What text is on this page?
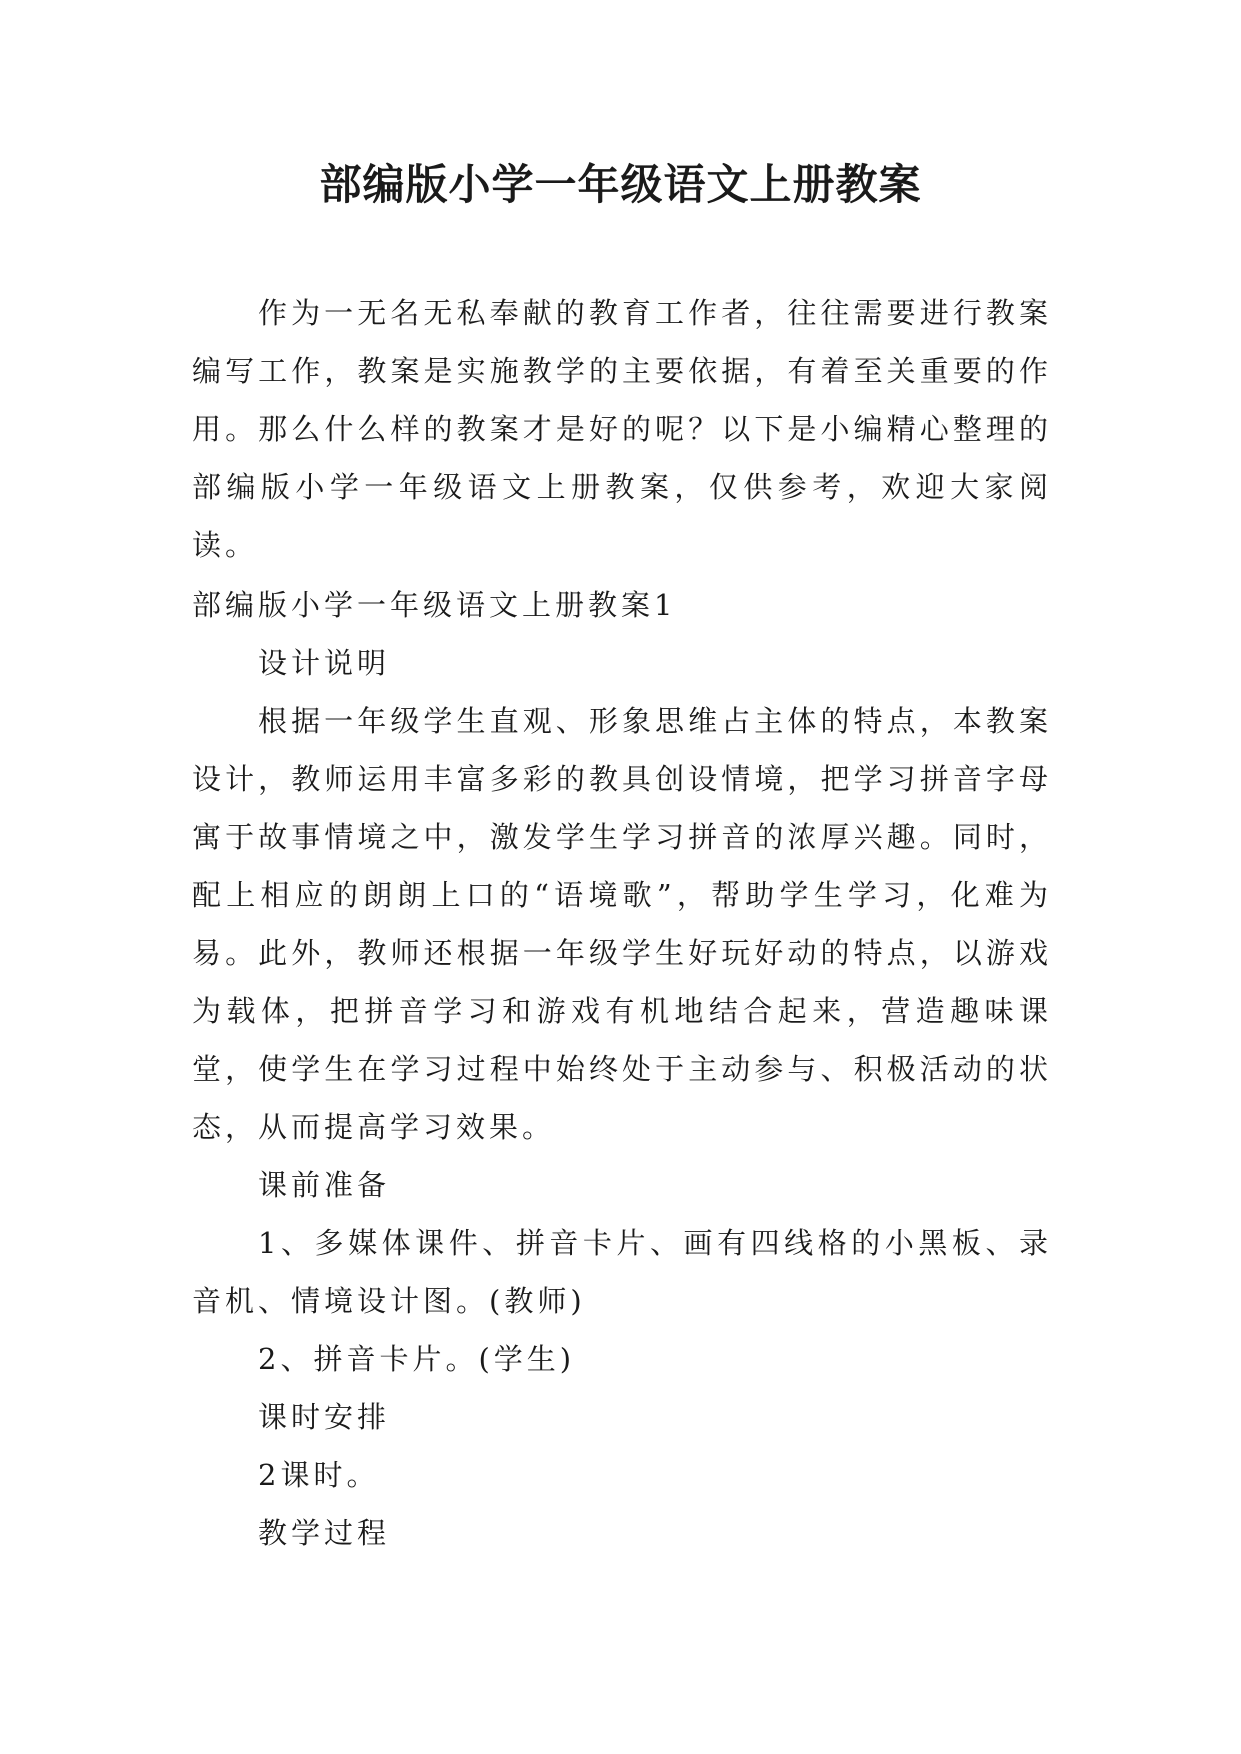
部编版小学一年级语文上册教案

作为一无名无私奉献的教育工作者，往往需要进行教案编写工作，教案是实施教学的主要依据，有着至关重要的作用。那么什么样的教案才是好的呢？以下是小编精心整理的部编版小学一年级语文上册教案，仅供参考，欢迎大家阅读。

部编版小学一年级语文上册教案1

设计说明

根据一年级学生直观、形象思维占主体的特点，本教案设计，教师运用丰富多彩的教具创设情境，把学习拼音字母寓于故事情境之中，激发学生学习拼音的浓厚兴趣。同时，配上相应的朗朗上口的“语境歌”，帮助学生学习，化难为易。此外，教师还根据一年级学生好玩好动的特点，以游戏为载体，把拼音学习和游戏有机地结合起来，营造趣味课堂，使学生在学习过程中始终处于主动参与、积极活动的状态，从而提高学习效果。

课前准备

1、多媒体课件、拼音卡片、画有四线格的小黑板、录音机、情境设计图。(教师)

2、拼音卡片。(学生)

课时安排

2课时。

教学过程
